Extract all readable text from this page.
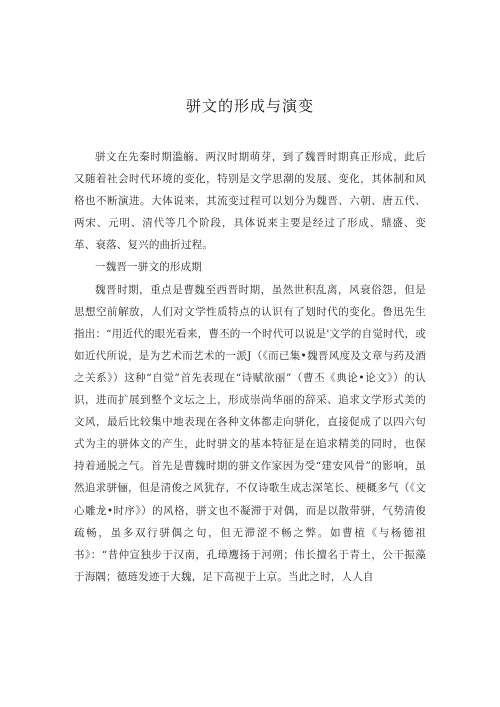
骈文的形成与演变

骈文在先秦时期滥觞、两汉时期萌芽，到了魏晋时期真正形成，此后又随着社会时代环境的变化，特别是文学思潮的发展、变化，其体制和风格也不断演进。大体说来，其流变过程可以划分为魏晋、六朝、唐五代、两宋、元明、清代等几个阶段，具体说来主要是经过了形成、鼎盛、变革、衰落、复兴的曲折过程。

一魏晋一骈文的形成期

魏晋时期，重点是曹魏至西晋时期，虽然世积乱离，风衰俗怨，但是思想空前解放，人们对文学性质特点的认识有了划时代的变化。鲁迅先生指出：“用近代的眼光看来，曹丕的一个时代可以说是'文学的自觉时代，或如近代所说，是为艺术而艺术的一派J（《而已集•魏晋风度及文章与药及酒之关系》）这种“自觉”首先表现在“诗赋欲丽”（曹丕《典论•论文》）的认识，进而扩展到整个文坛之上，形成崇尚华丽的辞采、追求文学形式美的文风，最后比较集中地表现在各种文体都走向骈化，直接促成了以四六句式为主的骈体文的产生，此时骈文的基本特征是在追求精美的同时，也保持着通脱之气。首先是曹魏时期的骈文作家因为受“建安风骨”的影响，虽然追求骈俪，但是清俊之风犹存，不仅诗歌生成志深笔长、梗概多气（《文心雕龙•时序》）的风格，骈文也不凝滞于对偶，而是以散带骈，气势清俊疏畅，虽多双行骈偶之句，但无滞涩不畅之弊。如曹植《与杨德祖书》：“昔仲宣独步于汉南，孔璋鹰扬于河朔；伟长擅名于青土，公干振藻于海隅；德琏发迹于大魏，足下高视于上京。当此之时，人人自
